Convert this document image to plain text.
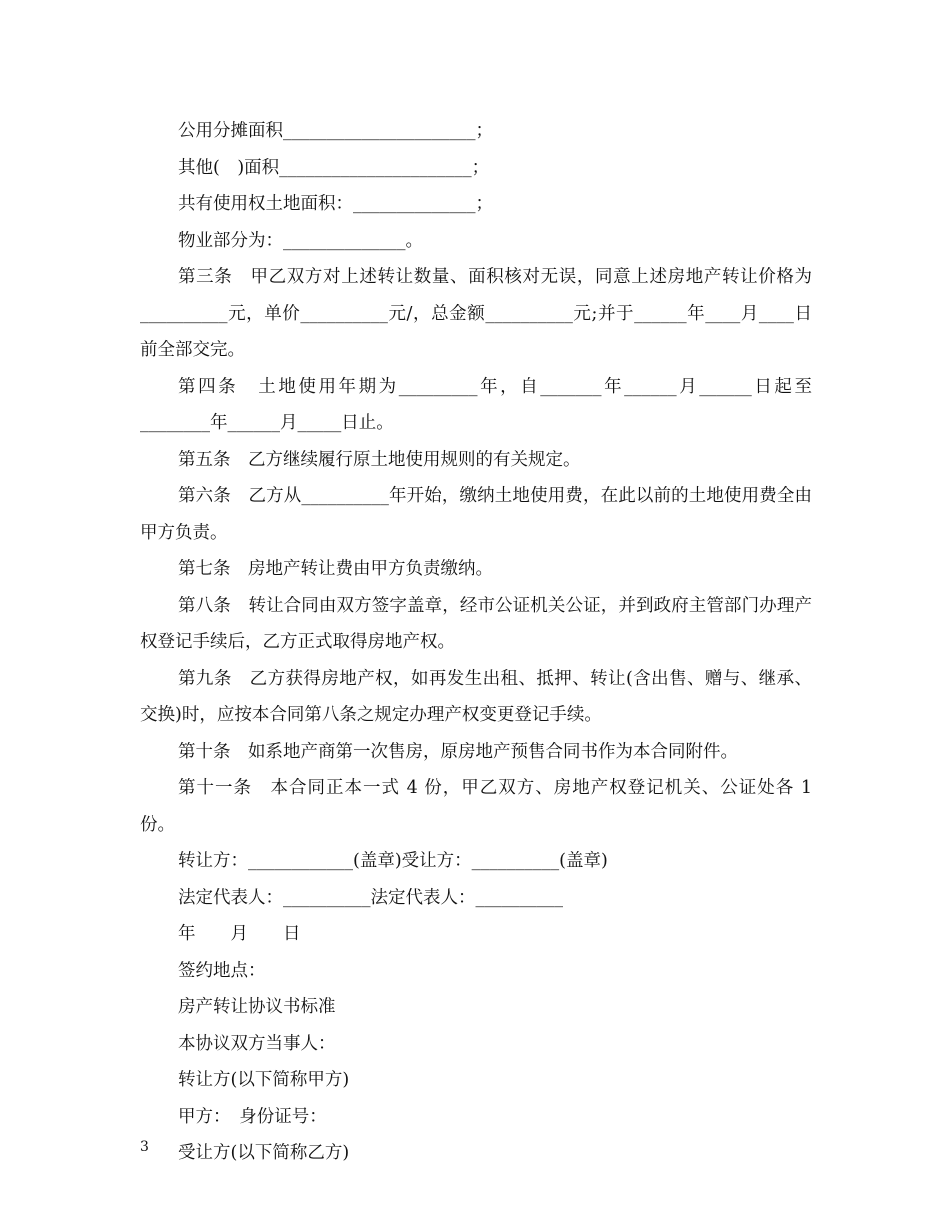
公用分摊面积______________________；

其他(　)面积______________________；

共有使用权土地面积：______________；

物业部分为：______________。

第三条　甲乙双方对上述转让数量、面积核对无误，同意上述房地产转让价格为__________元，单价__________元/，总金额__________元;并于______年____月____日前全部交完。

第四条　土地使用年期为_________年，自_______年______月______日起至________年______月_____日止。

第五条　乙方继续履行原土地使用规则的有关规定。

第六条　乙方从__________年开始，缴纳土地使用费，在此以前的土地使用费全由甲方负责。

第七条　房地产转让费由甲方负责缴纳。

第八条　转让合同由双方签字盖章，经市公证机关公证，并到政府主管部门办理产权登记手续后，乙方正式取得房地产权。

第九条　乙方获得房地产权，如再发生出租、抵押、转让(含出售、赠与、继承、交换)时，应按本合同第八条之规定办理产权变更登记手续。

第十条　如系地产商第一次售房，原房地产预售合同书作为本合同附件。

第十一条　本合同正本一式 4 份，甲乙双方、房地产权登记机关、公证处各 1 份。

转让方：____________(盖章)受让方：__________(盖章)

法定代表人：__________法定代表人：__________

年　　月　　日

签约地点：

房产转让协议书标准

本协议双方当事人：

转让方(以下简称甲方)

甲方：　身份证号：

受让方(以下简称乙方)

3
